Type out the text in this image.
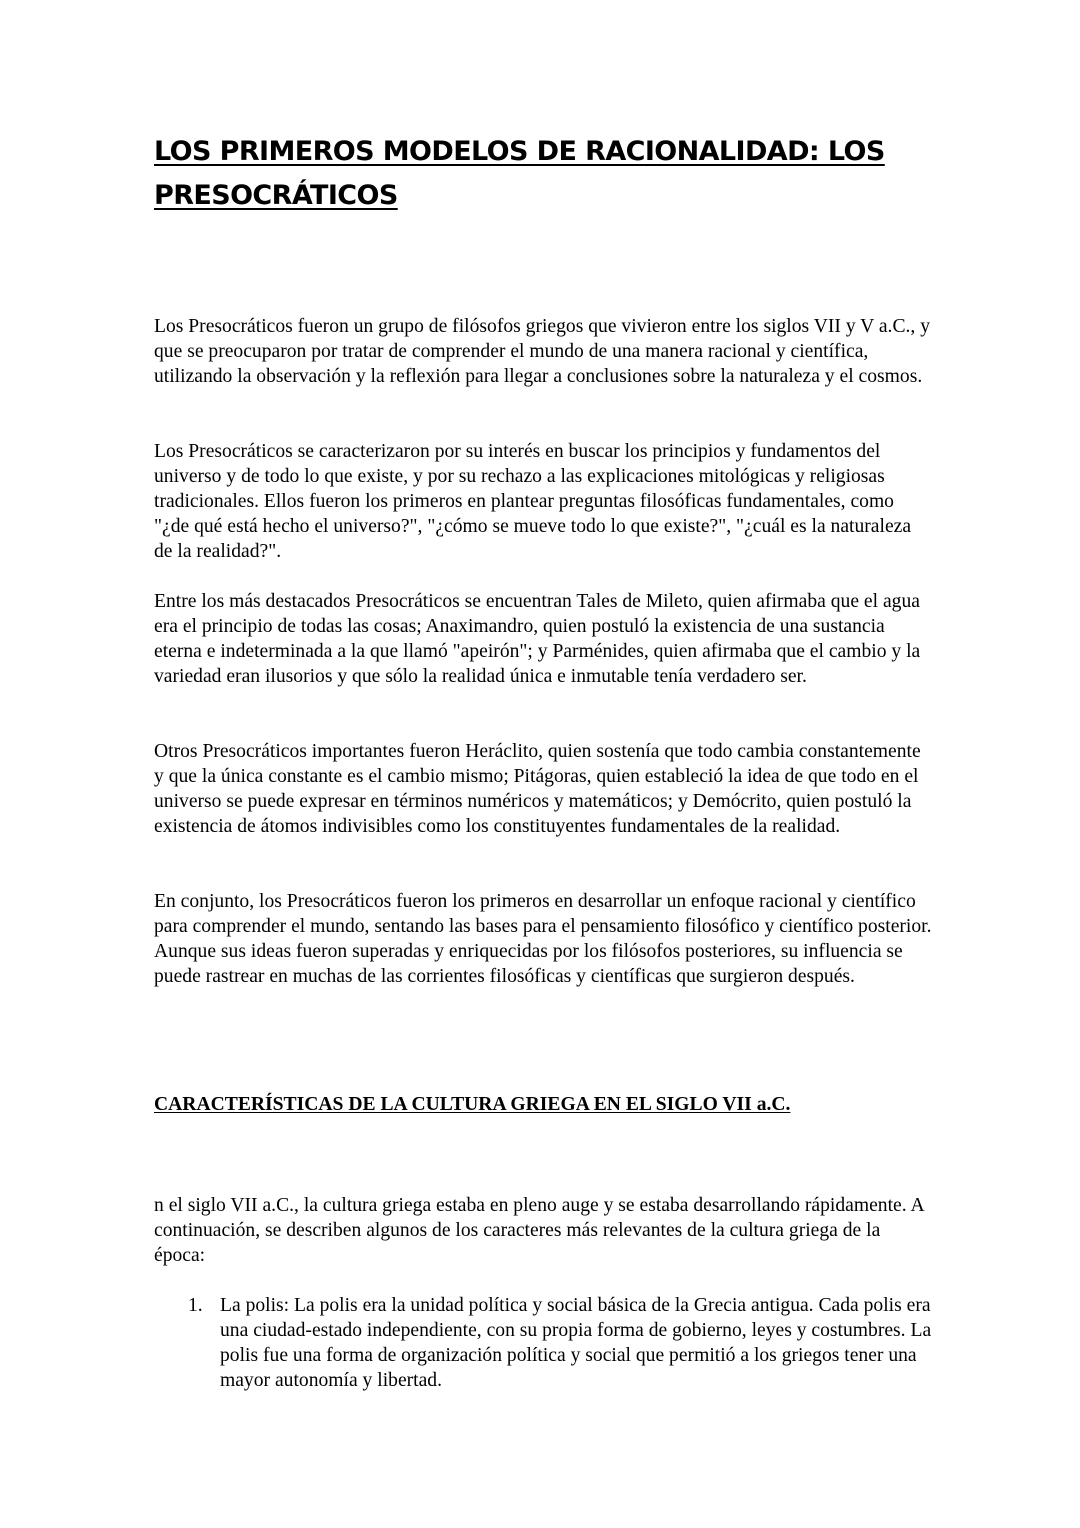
LOS PRIMEROS MODELOS DE RACIONALIDAD: LOS PRESOCRÁTICOS

Los Presocráticos fueron un grupo de filósofos griegos que vivieron entre los siglos VII y V a.C., y que se preocuparon por tratar de comprender el mundo de una manera racional y científica, utilizando la observación y la reflexión para llegar a conclusiones sobre la naturaleza y el cosmos.

Los Presocráticos se caracterizaron por su interés en buscar los principios y fundamentos del universo y de todo lo que existe, y por su rechazo a las explicaciones mitológicas y religiosas tradicionales. Ellos fueron los primeros en plantear preguntas filosóficas fundamentales, como "¿de qué está hecho el universo?", "¿cómo se mueve todo lo que existe?", "¿cuál es la naturaleza de la realidad?".

Entre los más destacados Presocráticos se encuentran Tales de Mileto, quien afirmaba que el agua era el principio de todas las cosas; Anaximandro, quien postuló la existencia de una sustancia eterna e indeterminada a la que llamó "apeirón"; y Parménides, quien afirmaba que el cambio y la variedad eran ilusorios y que sólo la realidad única e inmutable tenía verdadero ser.

Otros Presocráticos importantes fueron Heráclito, quien sostenía que todo cambia constantemente y que la única constante es el cambio mismo; Pitágoras, quien estableció la idea de que todo en el universo se puede expresar en términos numéricos y matemáticos; y Demócrito, quien postuló la existencia de átomos indivisibles como los constituyentes fundamentales de la realidad.

En conjunto, los Presocráticos fueron los primeros en desarrollar un enfoque racional y científico para comprender el mundo, sentando las bases para el pensamiento filosófico y científico posterior. Aunque sus ideas fueron superadas y enriquecidas por los filósofos posteriores, su influencia se puede rastrear en muchas de las corrientes filosóficas y científicas que surgieron después.

CARACTERÍSTICAS DE LA CULTURA GRIEGA EN EL SIGLO VII a.C.

n el siglo VII a.C., la cultura griega estaba en pleno auge y se estaba desarrollando rápidamente. A continuación, se describen algunos de los caracteres más relevantes de la cultura griega de la época:

1. La polis: La polis era la unidad política y social básica de la Grecia antigua. Cada polis era una ciudad-estado independiente, con su propia forma de gobierno, leyes y costumbres. La polis fue una forma de organización política y social que permitió a los griegos tener una mayor autonomía y libertad.
